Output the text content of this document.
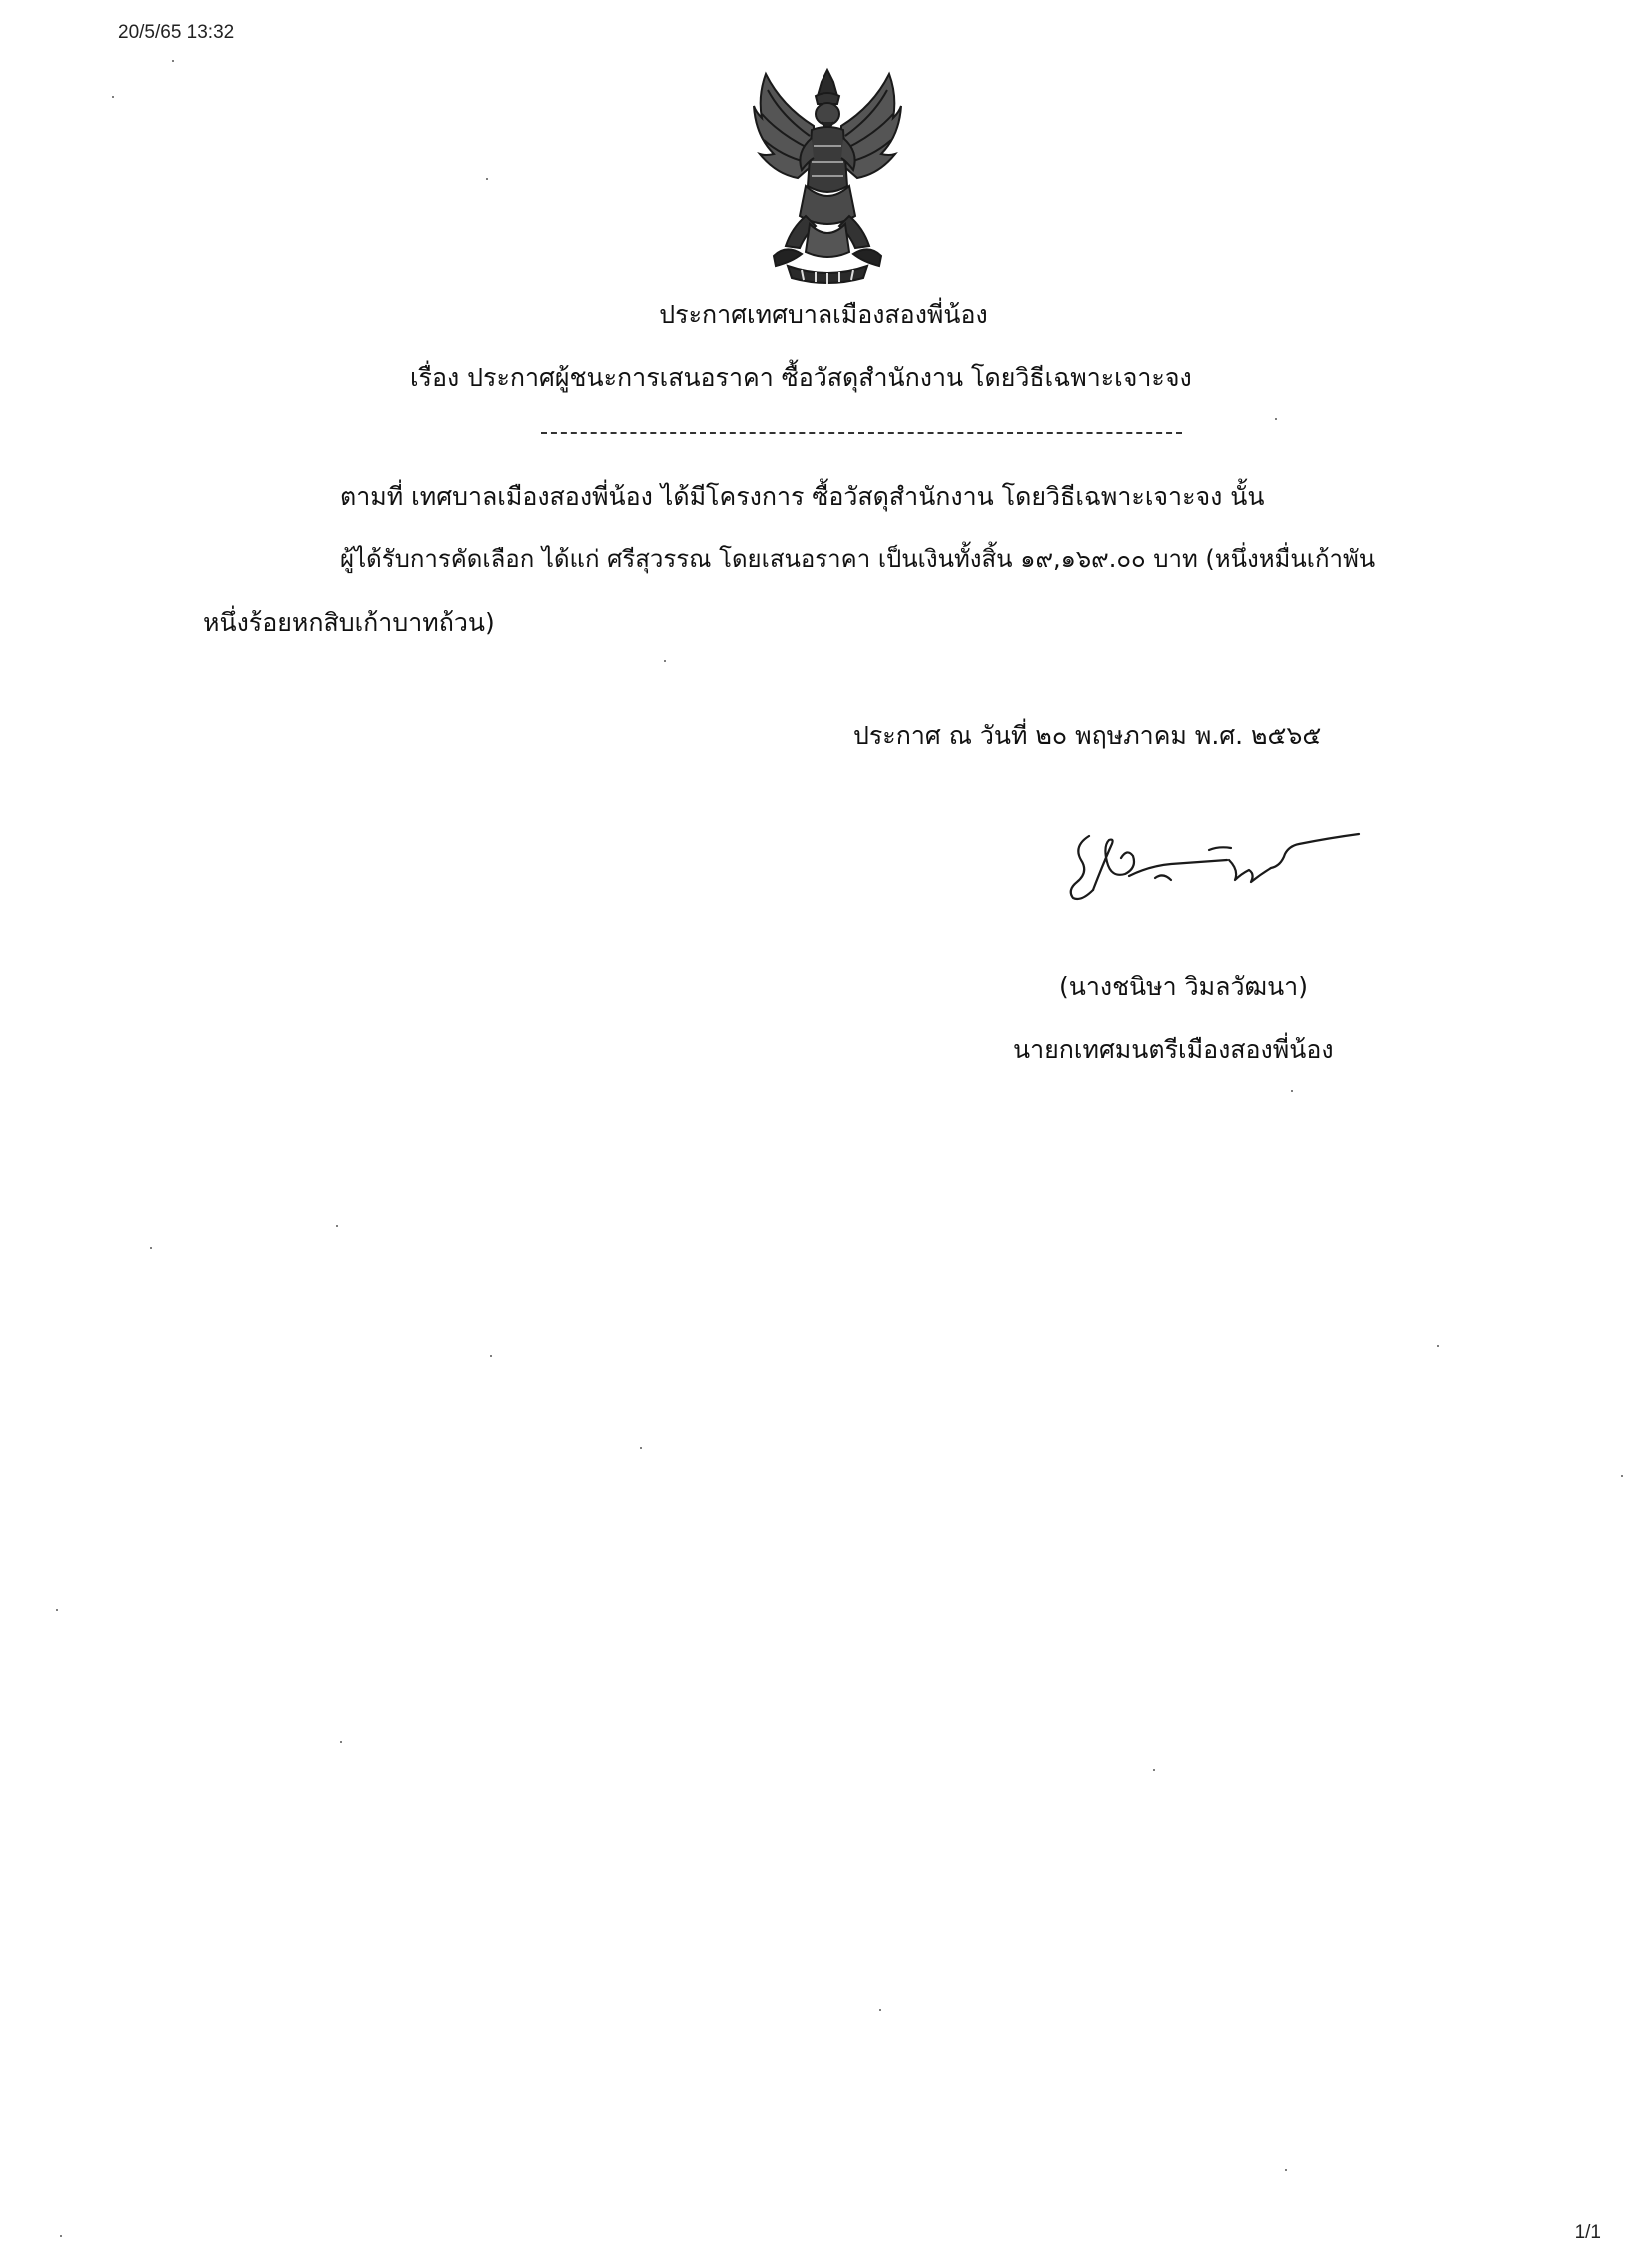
20/5/65 13:32
ประกาศเทศบาลเมืองสองพี่น้อง
เรื่อง ประกาศผู้ชนะการเสนอราคา ซื้อวัสดุสำนักงาน โดยวิธีเฉพาะเจาะจง
ตามที่ เทศบาลเมืองสองพี่น้อง ได้มีโครงการ ซื้อวัสดุสำนักงาน โดยวิธีเฉพาะเจาะจง นั้น
ผู้ได้รับการคัดเลือก ได้แก่ ศรีสุวรรณ โดยเสนอราคา เป็นเงินทั้งสิ้น ๑๙,๑๖๙.๐๐ บาท (หนึ่งหมื่นเก้าพัน
หนึ่งร้อยหกสิบเก้าบาทถ้วน)
ประกาศ ณ วันที่ ๒๐ พฤษภาคม พ.ศ. ๒๕๖๕
(นางชนิษา วิมลวัฒนา)
นายกเทศมนตรีเมืองสองพี่น้อง
1/1
